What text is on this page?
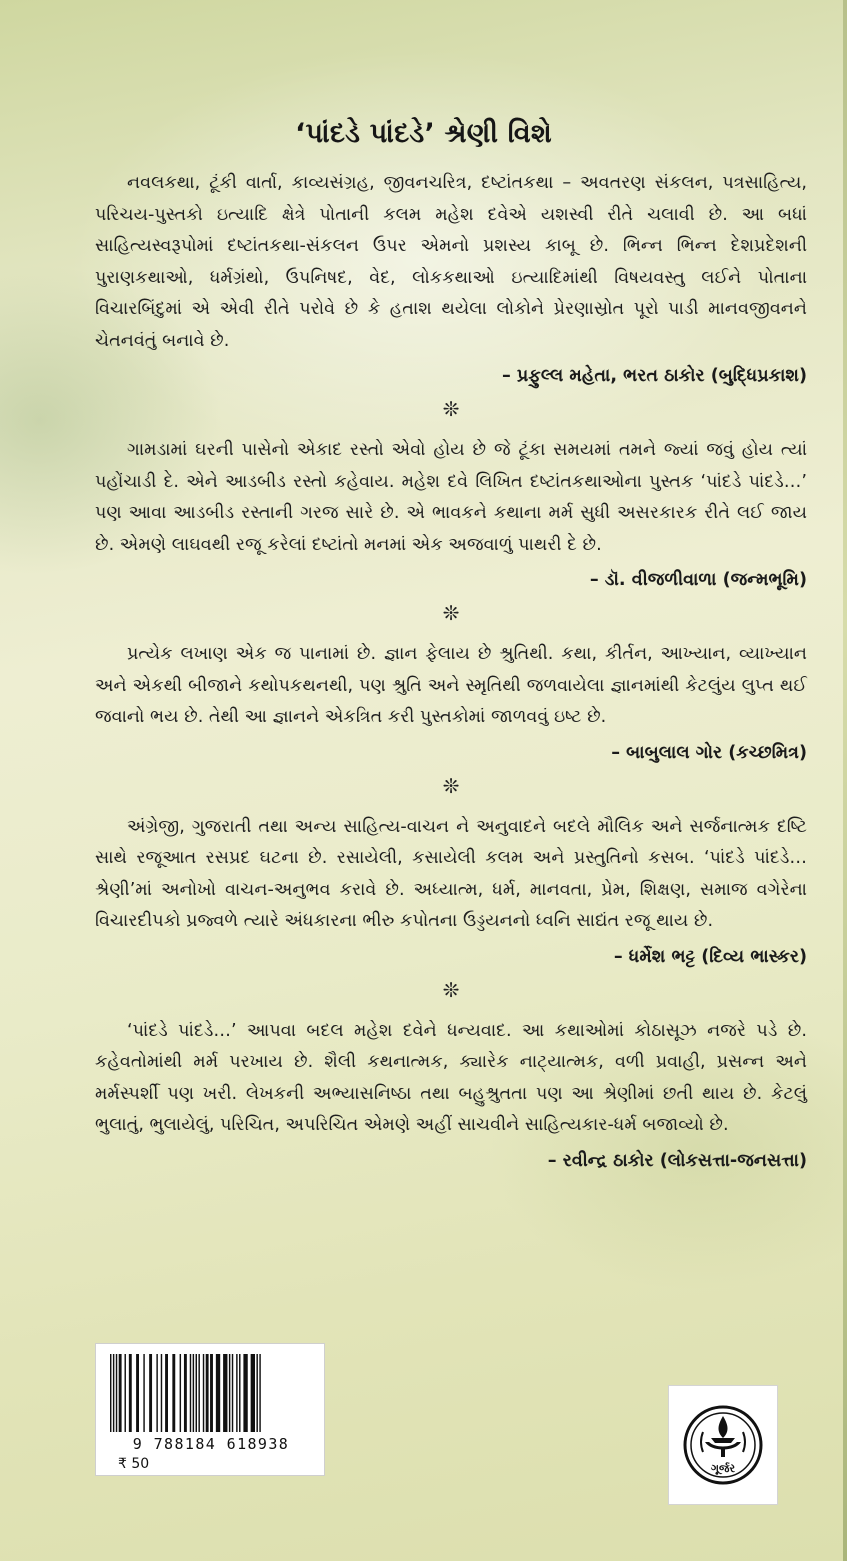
‘પાંદડે પાંદડે’ શ્રેણી વિશે

નવલકથા, ટૂંકી વાર્તા, કાવ્યસંગ્રહ, જીવનચરિત્ર, દષ્ટાંતકથા – અવતરણ સંકલન, પત્રસાહિત્ય, પરિચય-પુસ્તકો ઇત્યાદિ ક્ષેત્રે પોતાની કલમ મહેશ દવેએ યશસ્વી રીતે ચલાવી છે. આ બધાં સાહિત્યસ્વરૂપોમાં દષ્ટાંતકથા-સંકલન ઉપર એમનો પ્રશસ્ય કાબૂ છે. ભિન્ન ભિન્ન દેશપ્રદેશની પુરાણકથાઓ, ધર્મગ્રંથો, ઉપનિષદ, વેદ, લોકકથાઓ ઇત્યાદિમાંથી વિષયવસ્તુ લઈને પોતાના વિચારબિંદુમાં એ એવી રીતે પરોવે છે કે હતાશ થયેલા લોકોને પ્રેરણાસ્રોત પૂરો પાડી માનવજીવનને ચેતનવંતું બનાવે છે.

– પ્રફુલ્લ મહેતા, ભરત ઠાકોર (બુદ્ધિપ્રકાશ)
❊

ગામડામાં ઘરની પાસેનો એકાદ રસ્તો એવો હોય છે જે ટૂંકા સમયમાં તમને જ્યાં જવું હોય ત્યાં પહોંચાડી દે. એને આડબીડ રસ્તો કહેવાય. મહેશ દવે લિખિત દષ્ટાંતકથાઓના પુસ્તક ‘પાંદડે પાંદડે…’ પણ આવા આડબીડ રસ્તાની ગરજ સારે છે. એ ભાવકને કથાના મર્મ સુધી અસરકારક રીતે લઈ જાય છે. એમણે લાઘવથી રજૂ કરેલાં દષ્ટાંતો મનમાં એક અજવાળું પાથરી દે છે.

– ડૉ. વીજળીવાળા (જન્મભૂમિ)
❊

પ્રત્યેક લખાણ એક જ પાનામાં છે. જ્ઞાન ફેલાય છે શ્રુતિથી. કથા, કીર્તન, આખ્યાન, વ્યાખ્યાન અને એકથી બીજાને કથોપકથનથી, પણ શ્રુતિ અને સ્મૃતિથી જળવાયેલા જ્ઞાનમાંથી કેટલુંય લુપ્ત થઈ જવાનો ભય છે. તેથી આ જ્ઞાનને એકત્રિત કરી પુસ્તકોમાં જાળવવું ઇષ્ટ છે.

– બાબુલાલ ગોર (કચ્છમિત્ર)
❊

અંગ્રેજી, ગુજરાતી તથા અન્ય સાહિત્ય-વાચન ને અનુવાદને બદલે મૌલિક અને સર્જનાત્મક દષ્ટિ સાથે રજૂઆત રસપ્રદ ઘટના છે. રસાયેલી, કસાયેલી કલમ અને પ્રસ્તુતિનો કસબ. ‘પાંદડે પાંદડે… શ્રેણી’માં અનોખો વાચન-અનુભવ કરાવે છે. અધ્યાત્મ, ધર્મ, માનવતા, પ્રેમ, શિક્ષણ, સમાજ વગેરેના વિચારદીપકો પ્રજ્વળે ત્યારે અંધકારના ભીરુ કપોતના ઉડ્ડયનનો ધ્વનિ સાદ્યંત રજૂ થાય છે.

– ધર્મેશ ભટ્ટ (દિવ્ય ભાસ્કર)
❊

‘પાંદડે પાંદડે…’ આપવા બદલ મહેશ દવેને ધન્યવાદ. આ કથાઓમાં કોઠાસૂઝ નજરે પડે છે. કહેવતોમાંથી મર્મ પરખાય છે. શૈલી કથનાત્મક, ક્યારેક નાટ્યાત્મક, વળી પ્રવાહી, પ્રસન્ન અને મર્મસ્પર્શી પણ ખરી. લેખકની અભ્યાસનિષ્ઠા તથા બહુશ્રુતતા પણ આ શ્રેણીમાં છતી થાય છે. કેટલું ભુલાતું, ભુલાયેલું, પરિચિત, અપરિચિત એમણે અહીં સાચવીને સાહિત્યકાર-ધર્મ બજાવ્યો છે.

– રવીન્દ્ર ઠાકોર (લોકસત્તા-જનસત્તા)
9 788184 618938
₹ 50	ગૂર્જર
